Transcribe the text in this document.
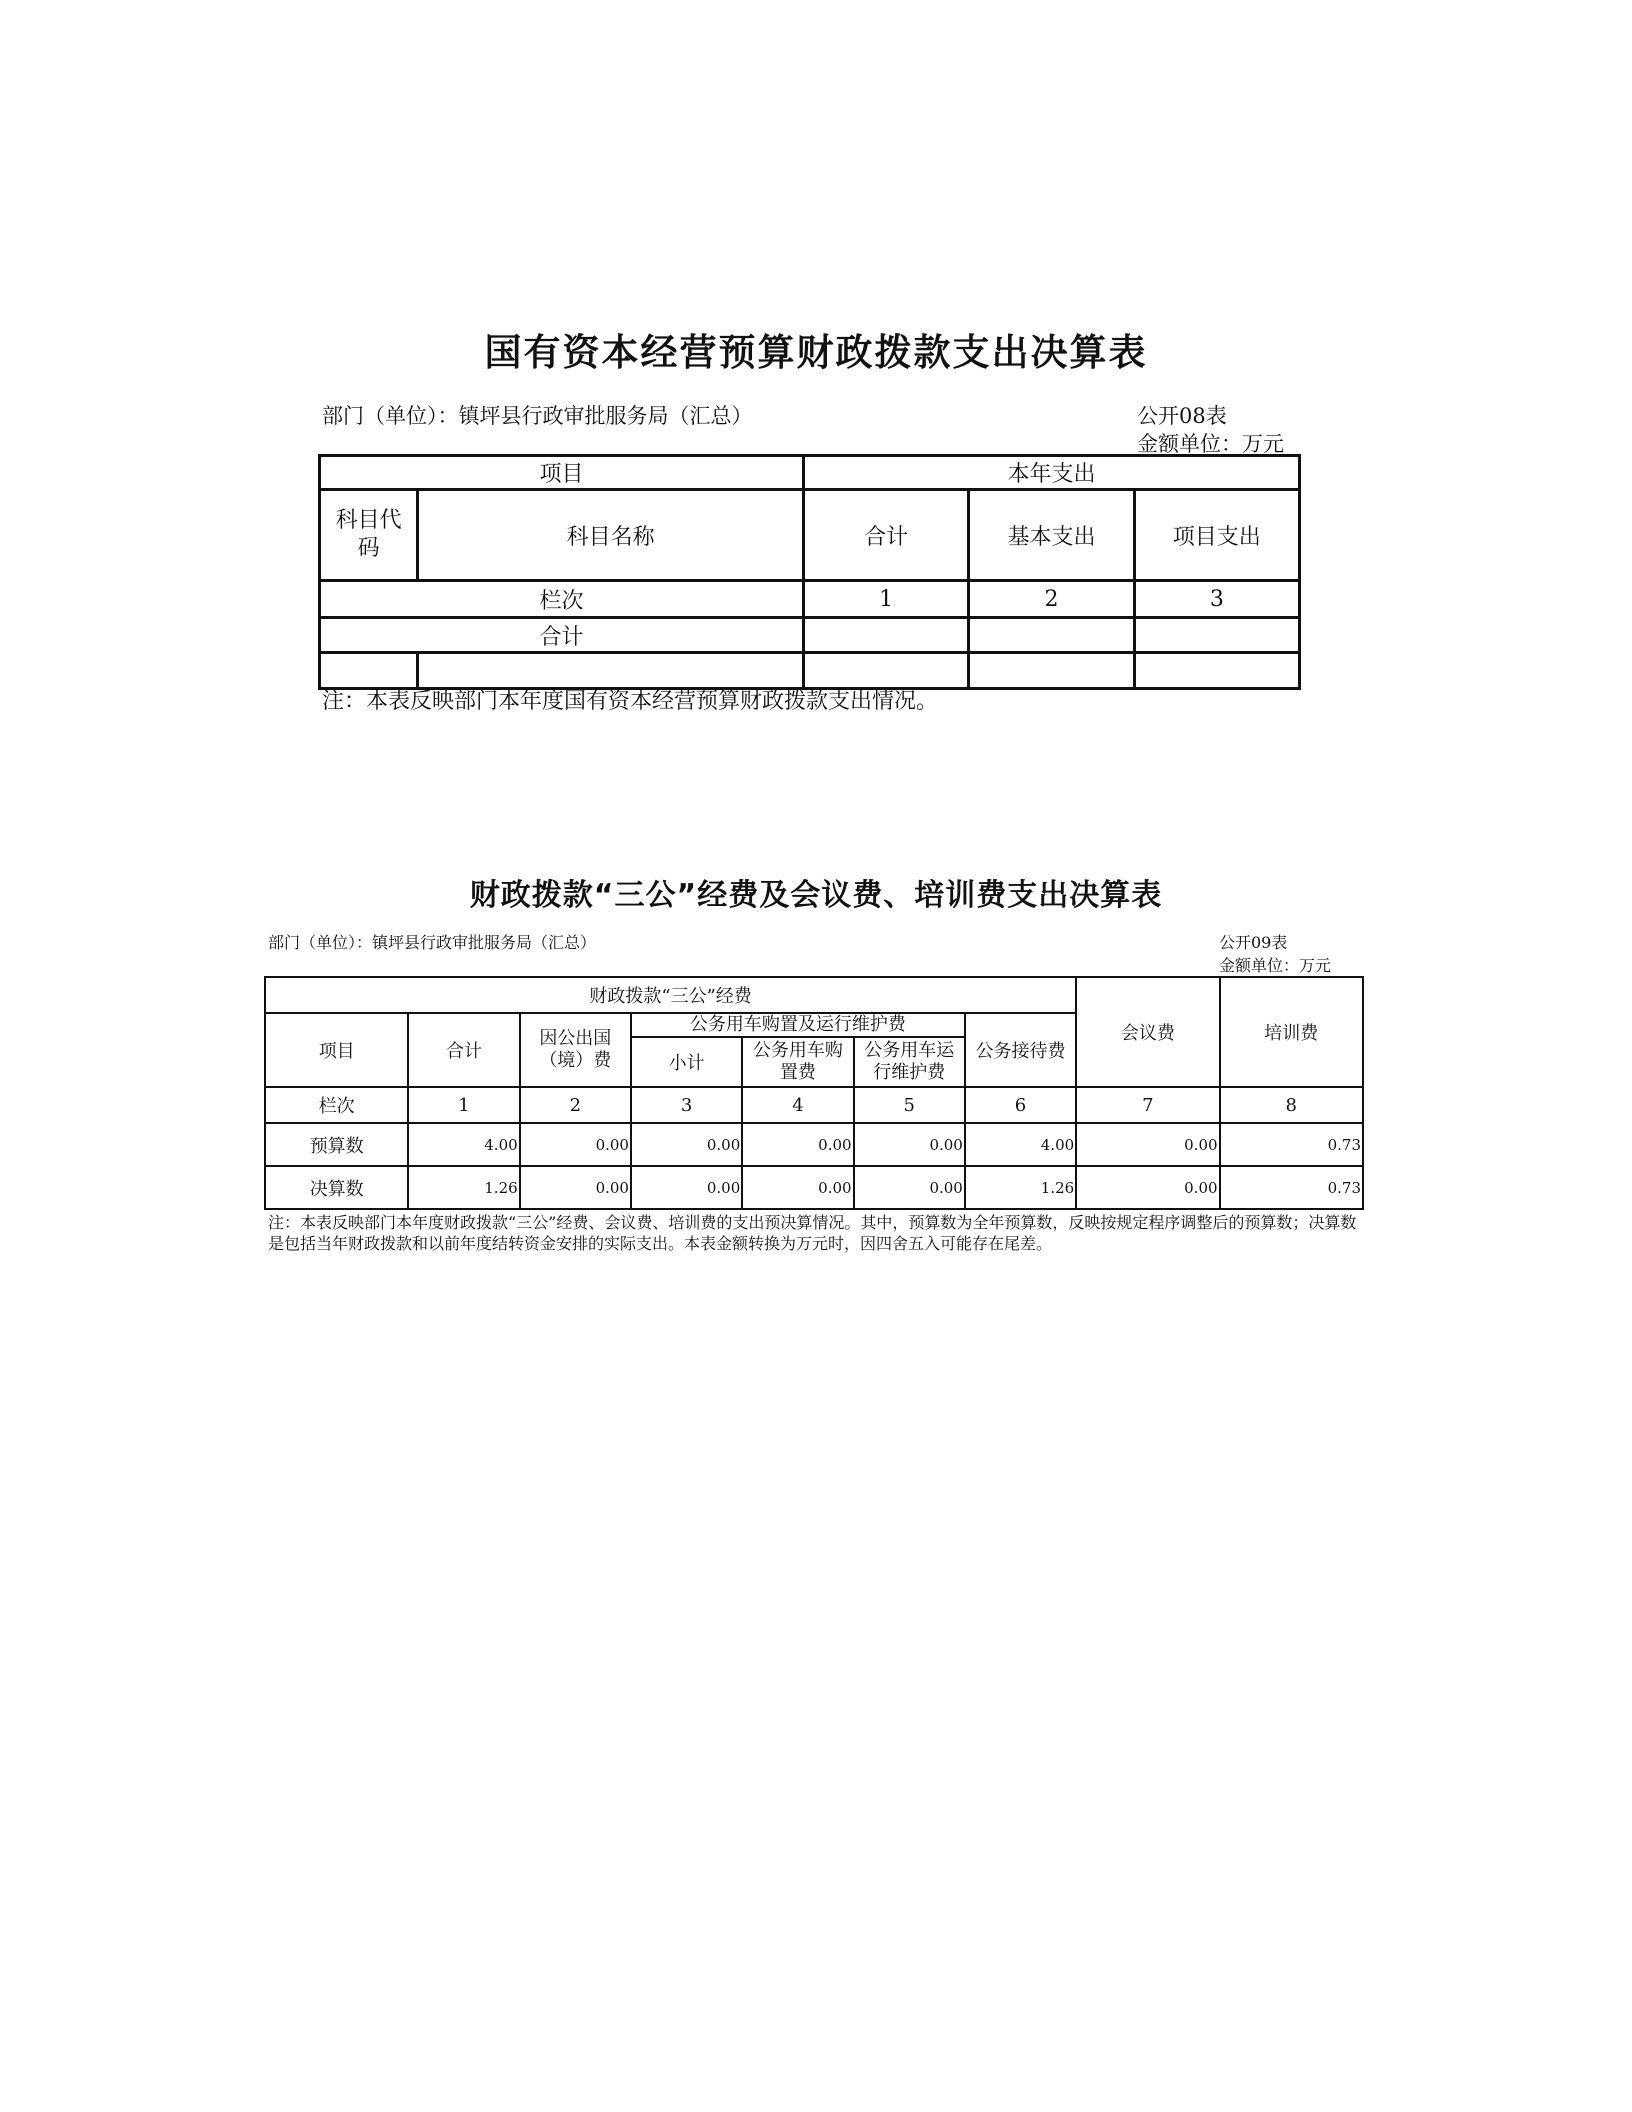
国有资本经营预算财政拨款支出决算表
部门（单位）：镇坪县行政审批服务局（汇总）	公开08表
金额单位：万元
项目		本年支出		
科目代码	科目名称	合计	基本支出	项目支出
栏次		1	2	3
合计				

注：本表反映部门本年度国有资本经营预算财政拨款支出情况。
财政拨款“三公”经费及会议费、培训费支出决算表
部门（单位）：镇坪县行政审批服务局（汇总）	公开09表
金额单位：万元
财政拨款“三公”经费							会议费	培训费
项目	合计	因公出国（境）费	公务用车购置及运行维护费			公务接待费		
			小计	公务用车购置费	公务用车运行维护费			
栏次	1	2	3	4	5	6	7	8
预算数	4.00	0.00	0.00	0.00	0.00	4.00	0.00	0.73
决算数	1.26	0.00	0.00	0.00	0.00	1.26	0.00	0.73
注：本表反映部门本年度财政拨款“三公”经费、会议费、培训费的支出预决算情况。其中，预算数为全年预算数，反映按规定程序调整后的预算数；决算数是包括当年财政拨款和以前年度结转资金安排的实际支出。本表金额转换为万元时，因四舍五入可能存在尾差。
